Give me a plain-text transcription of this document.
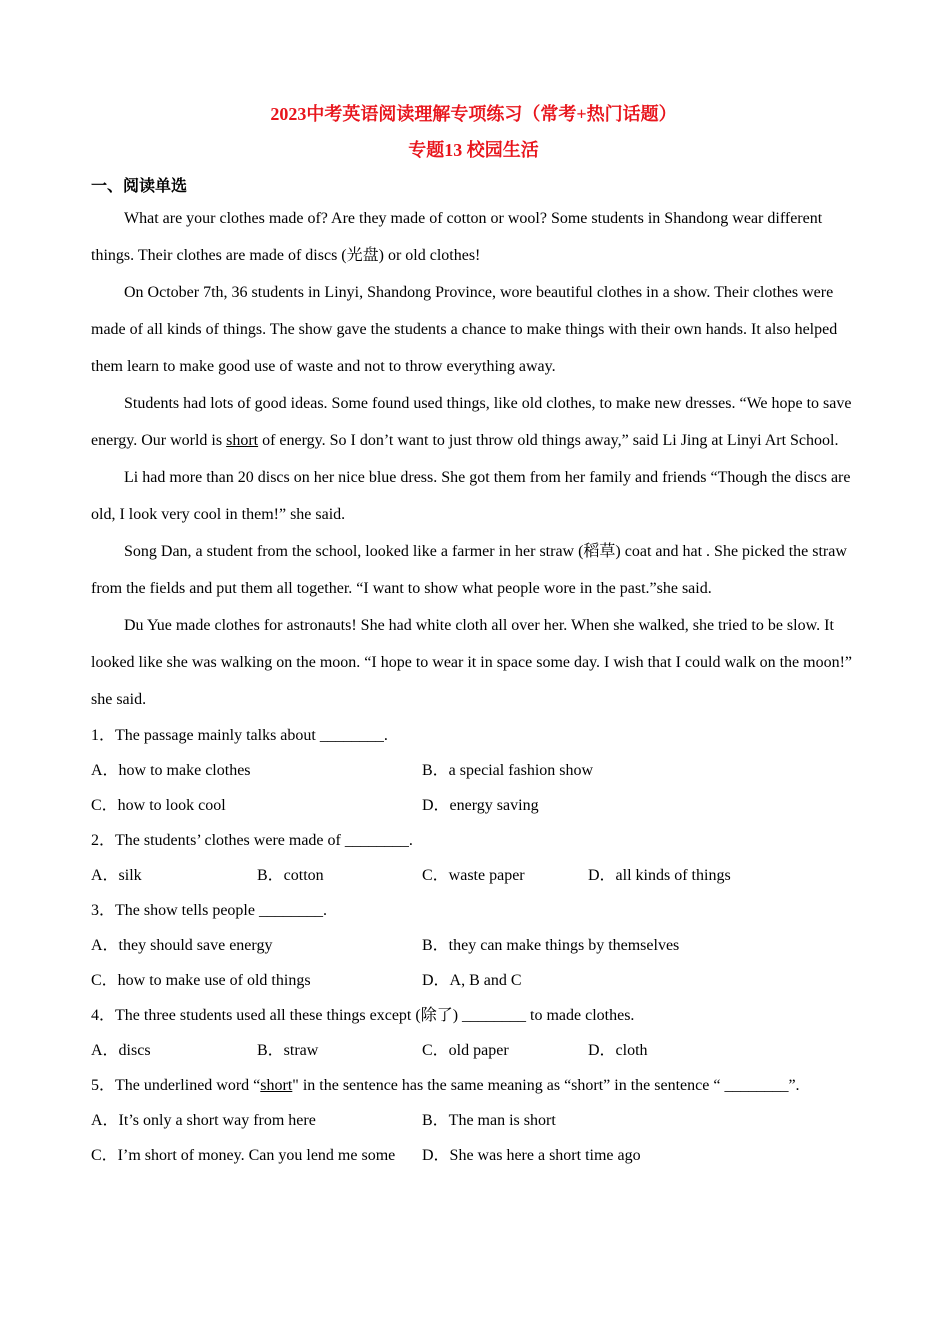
2023中考英语阅读理解专项练习（常考+热门话题）
专题13 校园生活
一、阅读单选

What are your clothes made of? Are they made of cotton or wool? Some students in Shandong wear different things. Their clothes are made of discs (光盘) or old clothes!

On October 7th, 36 students in Linyi, Shandong Province, wore beautiful clothes in a show. Their clothes were made of all kinds of things. The show gave the students a chance to make things with their own hands. It also helped them learn to make good use of waste and not to throw everything away.

Students had lots of good ideas. Some found used things, like old clothes, to make new dresses. “We hope to save energy. Our world is short of energy. So I don’t want to just throw old things away,” said Li Jing at Linyi Art School.

Li had more than 20 discs on her nice blue dress. She got them from her family and friends “Though the discs are old, I look very cool in them!” she said.

Song Dan, a student from the school, looked like a farmer in her straw (稻草) coat and hat . She picked the straw from the fields and put them all together. “I want to show what people wore in the past.”she said.

Du Yue made clothes for astronauts! She had white cloth all over her. When she walked, she tried to be slow. It looked like she was walking on the moon. “I hope to wear it in space some day. I wish that I could walk on the moon!” she said.

1．The passage mainly talks about ________.
A．how to make clothes	B．a special fashion show
C．how to look cool	D．energy saving
2．The students’ clothes were made of ________.
A．silk	B．cotton	C．waste paper	D．all kinds of things
3．The show tells people ________.
A．they should save energy	B．they can make things by themselves
C．how to make use of old things	D．A, B and C
4．The three students used all these things except (除了) ________ to made clothes.
A．discs	B．straw	C．old paper	D．cloth
5．The underlined word “short" in the sentence has the same meaning as “short” in the sentence “ ________”.
A．It’s only a short way from here	B．The man is short
C．I’m short of money. Can you lend me some D．She was here a short time ago
